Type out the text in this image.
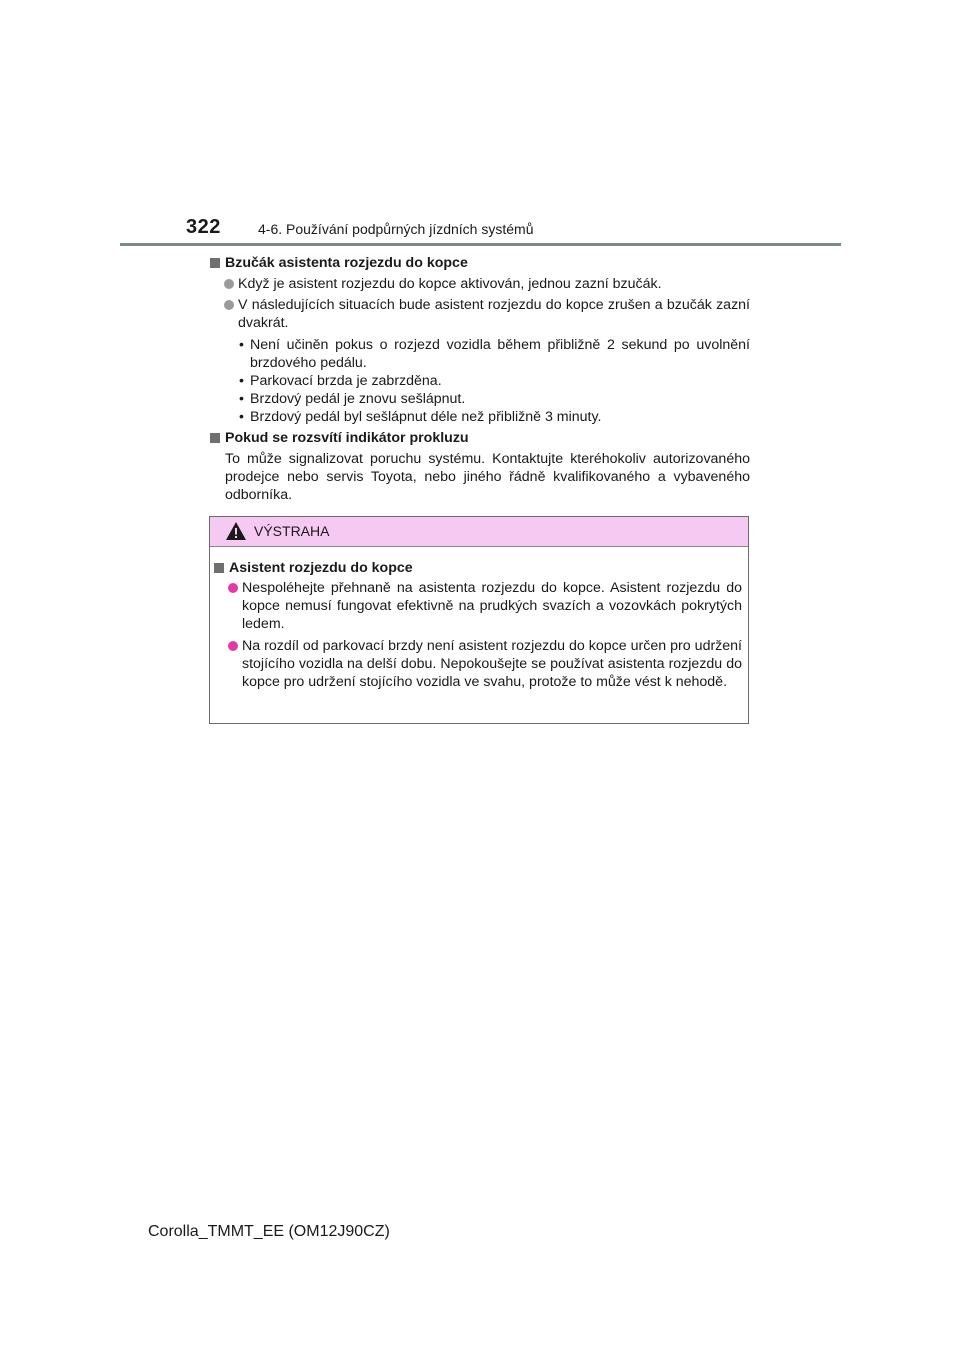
322	4-6. Používání podpůrných jízdních systémů
Bzučák asistenta rozjezdu do kopce
Když je asistent rozjezdu do kopce aktivován, jednou zazní bzučák.
V následujících situacích bude asistent rozjezdu do kopce zrušen a bzučák zazní dvakrát.
• Není učiněn pokus o rozjezd vozidla během přibližně 2 sekund po uvolnění brzdového pedálu.
• Parkovací brzda je zabrzděna.
• Brzdový pedál je znovu sešlápnut.
• Brzdový pedál byl sešlápnut déle než přibližně 3 minuty.
Pokud se rozsvítí indikátor prokluzu
To může signalizovat poruchu systému. Kontaktujte kteréhokoliv autorizovaného prodejce nebo servis Toyota, nebo jiného řádně kvalifikovaného a vybaveného odborníka.
VÝSTRAHA
Asistent rozjezdu do kopce
Nespoléhejte přehnaně na asistenta rozjezdu do kopce. Asistent rozjezdu do kopce nemusí fungovat efektivně na prudkých svazích a vozovkách pokrytých ledem.
Na rozdíl od parkovací brzdy není asistent rozjezdu do kopce určen pro udržení stojícího vozidla na delší dobu. Nepokoušejte se používat asistenta rozjezdu do kopce pro udržení stojícího vozidla ve svahu, protože to může vést k nehodě.
Corolla_TMMT_EE (OM12J90CZ)
